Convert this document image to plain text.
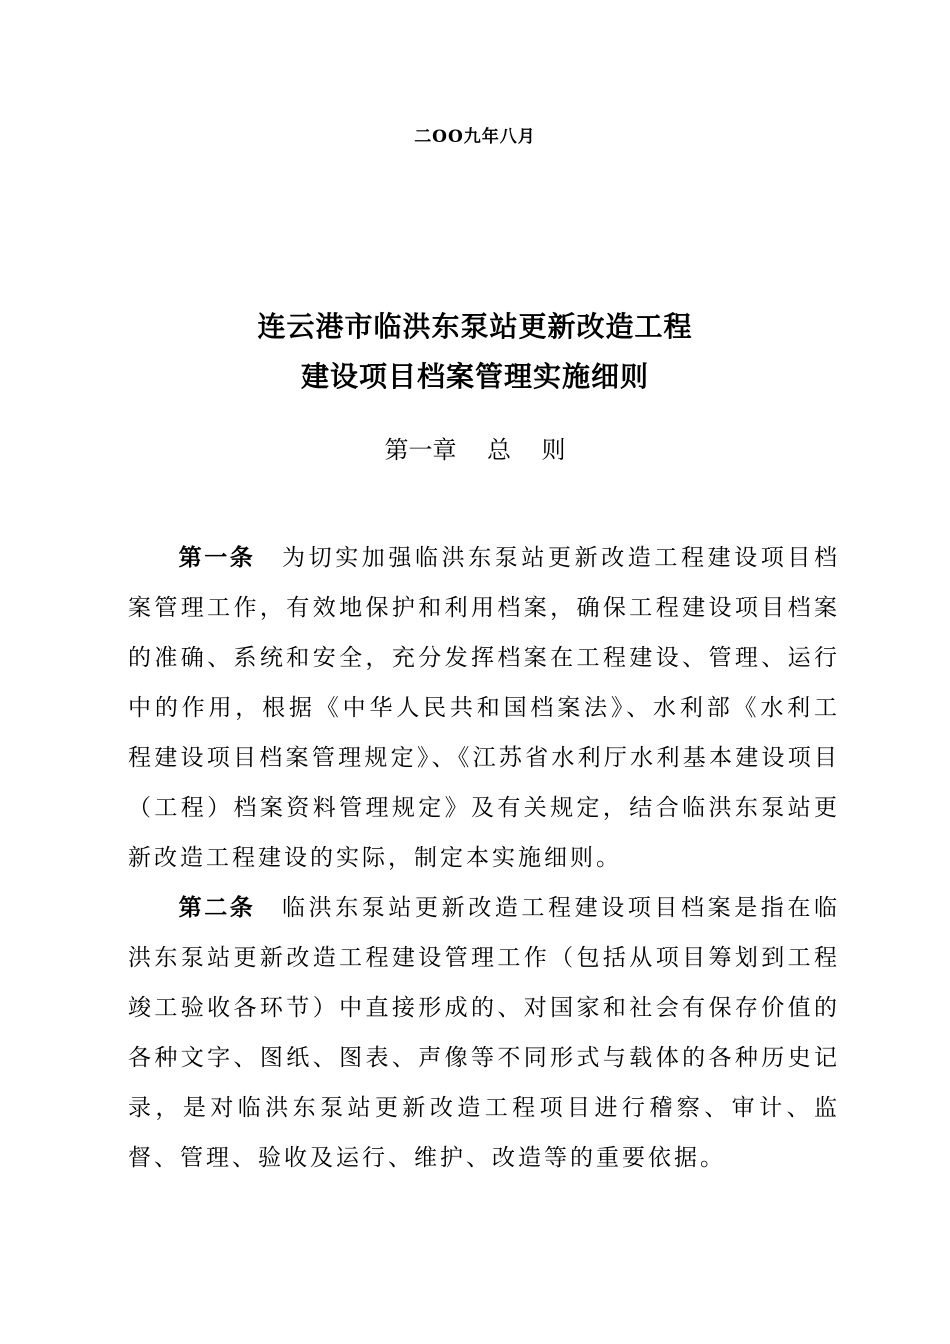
二OO九年八月
连云港市临洪东泵站更新改造工程
建设项目档案管理实施细则
第一章    总    则
第一条 为切实加强临洪东泵站更新改造工程建设项目档案管理工作，有效地保护和利用档案，确保工程建设项目档案的准确、系统和安全，充分发挥档案在工程建设、管理、运行中的作用，根据《中华人民共和国档案法》、水利部《水利工程建设项目档案管理规定》、《江苏省水利厅水利基本建设项目（工程）档案资料管理规定》及有关规定，结合临洪东泵站更新改造工程建设的实际，制定本实施细则。
第二条 临洪东泵站更新改造工程建设项目档案是指在临洪东泵站更新改造工程建设管理工作（包括从项目筹划到工程竣工验收各环节）中直接形成的、对国家和社会有保存价值的各种文字、图纸、图表、声像等不同形式与载体的各种历史记录，是对临洪东泵站更新改造工程项目进行稽察、审计、监督、管理、验收及运行、维护、改造等的重要依据。
